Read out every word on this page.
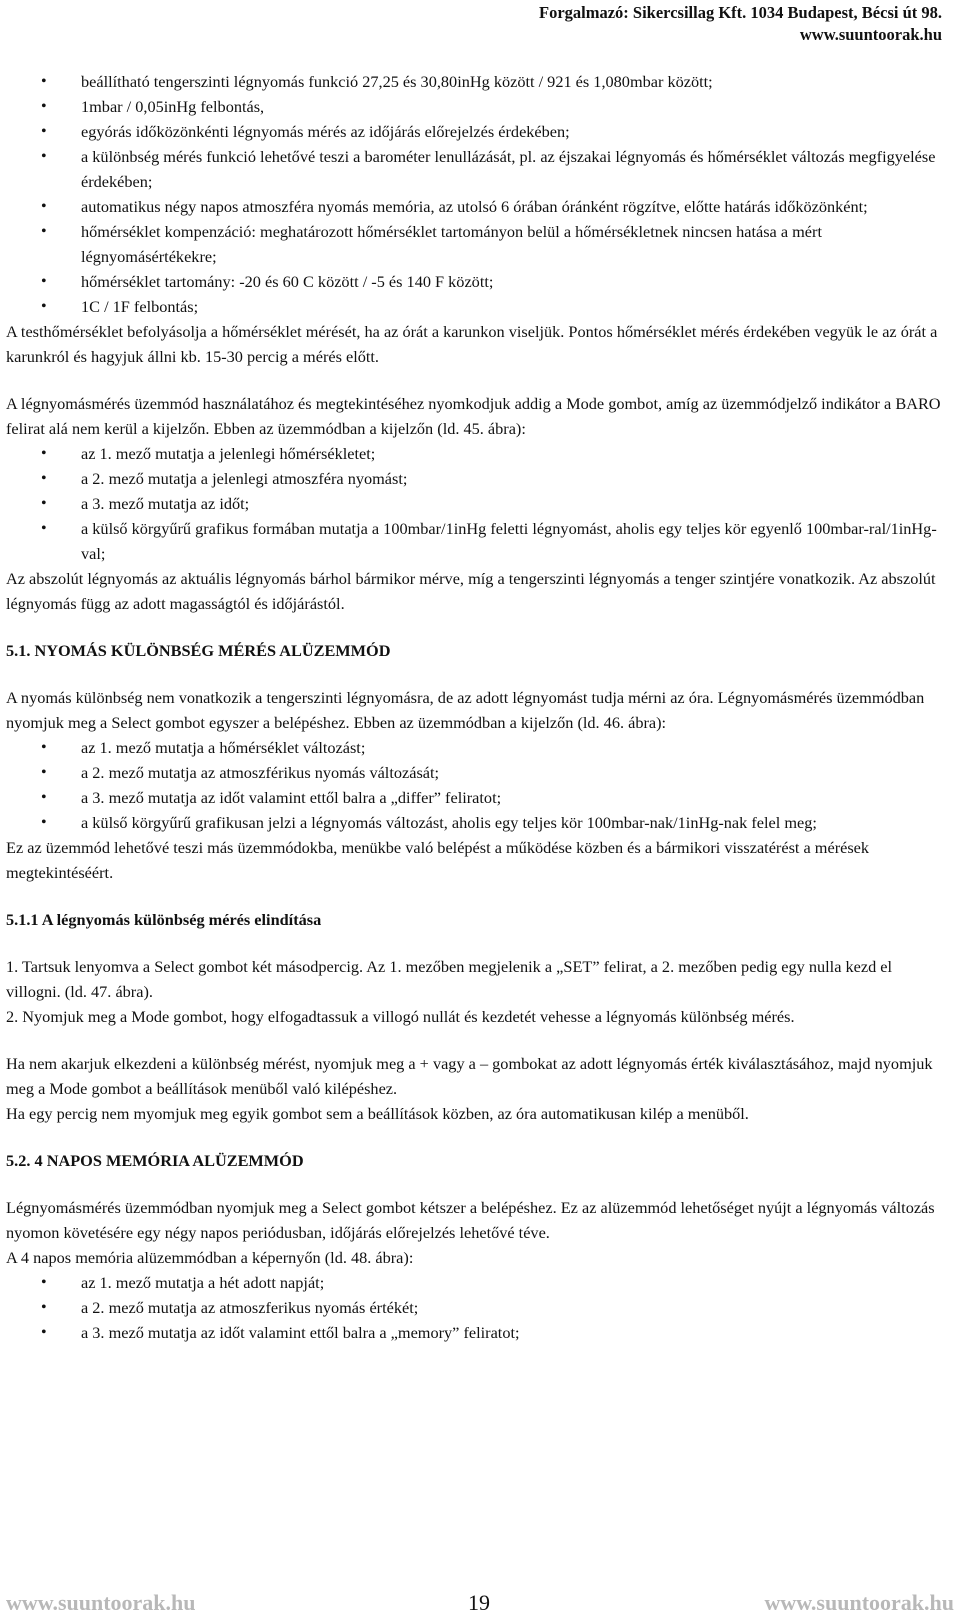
Forgalmazó: Sikercsillag Kft. 1034 Budapest, Bécsi út 98.
www.suuntoorak.hu
• beállítható tengerszinti légnyomás funkció 27,25 és 30,80inHg között / 921 és 1,080mbar között;
• 1mbar / 0,05inHg felbontás,
• egyórás időközönkénti légnyomás mérés az időjárás előrejelzés érdekében;
• a különbség mérés funkció lehetővé teszi a barométer lenullázását, pl. az éjszakai légnyomás és hőmérséklet változás megfigyelése érdekében;
• automatikus négy napos atmoszféra nyomás memória, az utolsó 6 órában óránként rögzítve, előtte határás időközönként;
• hőmérséklet kompenzáció: meghatározott hőmérséklet tartományon belül a hőmérsékletnek nincsen hatása a mért légnyomásértékekre;
• hőmérséklet tartomány: -20 és 60 C között / -5 és 140 F között;
• 1C / 1F felbontás;

A testhőmérséklet befolyásolja a hőmérséklet mérését, ha az órát a karunkon viseljük. Pontos hőmérséklet mérés érdekében vegyük le az órát a karunkról és hagyjuk állni kb. 15-30 percig a mérés előtt.

A légnyomásmérés üzemmód használatához és megtekintéséhez nyomkodjuk addig a Mode gombot, amíg az üzemmódjelző indikátor a BARO felirat alá nem kerül a kijelzőn. Ebben az üzemmódban a kijelzőn (ld. 45. ábra):

• az 1. mező mutatja a jelenlegi hőmérsékletet;
• a 2. mező mutatja a jelenlegi atmoszféra nyomást;
• a 3. mező mutatja az időt;
• a külső körgyűrű grafikus formában mutatja a 100mbar/1inHg feletti légnyomást, aholis egy teljes kör egyenlő 100mbar-ral/1inHg-val;

Az abszolút légnyomás az aktuális légnyomás bárhol bármikor mérve, míg a tengerszinti légnyomás a tenger szintjére vonatkozik. Az abszolút légnyomás függ az adott magasságtól és időjárástól.

5.1. NYOMÁS KÜLÖNBSÉG MÉRÉS ALÜZEMMÓD

A nyomás különbség nem vonatkozik a tengerszinti légnyomásra, de az adott légnyomást tudja mérni az óra. Légnyomásmérés üzemmódban nyomjuk meg a Select gombot egyszer a belépéshez. Ebben az üzemmódban a kijelzőn (ld. 46. ábra):

• az 1. mező mutatja a hőmérséklet változást;
• a 2. mező mutatja az atmoszférikus nyomás változását;
• a 3. mező mutatja az időt valamint ettől balra a „differ” feliratot;
• a külső körgyűrű grafikusan jelzi a légnyomás változást, aholis egy teljes kör 100mbar-nak/1inHg-nak felel meg;

Ez az üzemmód lehetővé teszi más üzemmódokba, menükbe való belépést a működése közben és a bármikori visszatérést a mérések megtekintéséért.

5.1.1 A légnyomás különbség mérés elindítása

1. Tartsuk lenyomva a Select gombot két másodpercig. Az 1. mezőben megjelenik a „SET” felirat, a 2. mezőben pedig egy nulla kezd el villogni. (ld. 47. ábra).

2. Nyomjuk meg a Mode gombot, hogy elfogadtassuk a villogó nullát és kezdetét vehesse a légnyomás különbség mérés.

Ha nem akarjuk elkezdeni a különbség mérést, nyomjuk meg a + vagy a – gombokat az adott légnyomás érték kiválasztásához, majd nyomjuk meg a Mode gombot a beállítások menüből való kilépéshez.

Ha egy percig nem myomjuk meg egyik gombot sem a beállítások közben, az óra automatikusan kilép a menüből.

5.2. 4 NAPOS MEMÓRIA ALÜZEMMÓD

Légnyomásmérés üzemmódban nyomjuk meg a Select gombot kétszer a belépéshez. Ez az alüzemmód lehetőséget nyújt a légnyomás változás nyomon követésére egy négy napos periódusban, időjárás előrejelzés lehetővé téve.

A 4 napos memória alüzemmódban a képernyőn (ld. 48. ábra):

• az 1. mező mutatja a hét adott napját;
• a 2. mező mutatja az atmoszferikus nyomás értékét;
• a 3. mező mutatja az időt valamint ettől balra a „memory” feliratot;
www.suuntoorak.hu	19	www.suuntoorak.hu
